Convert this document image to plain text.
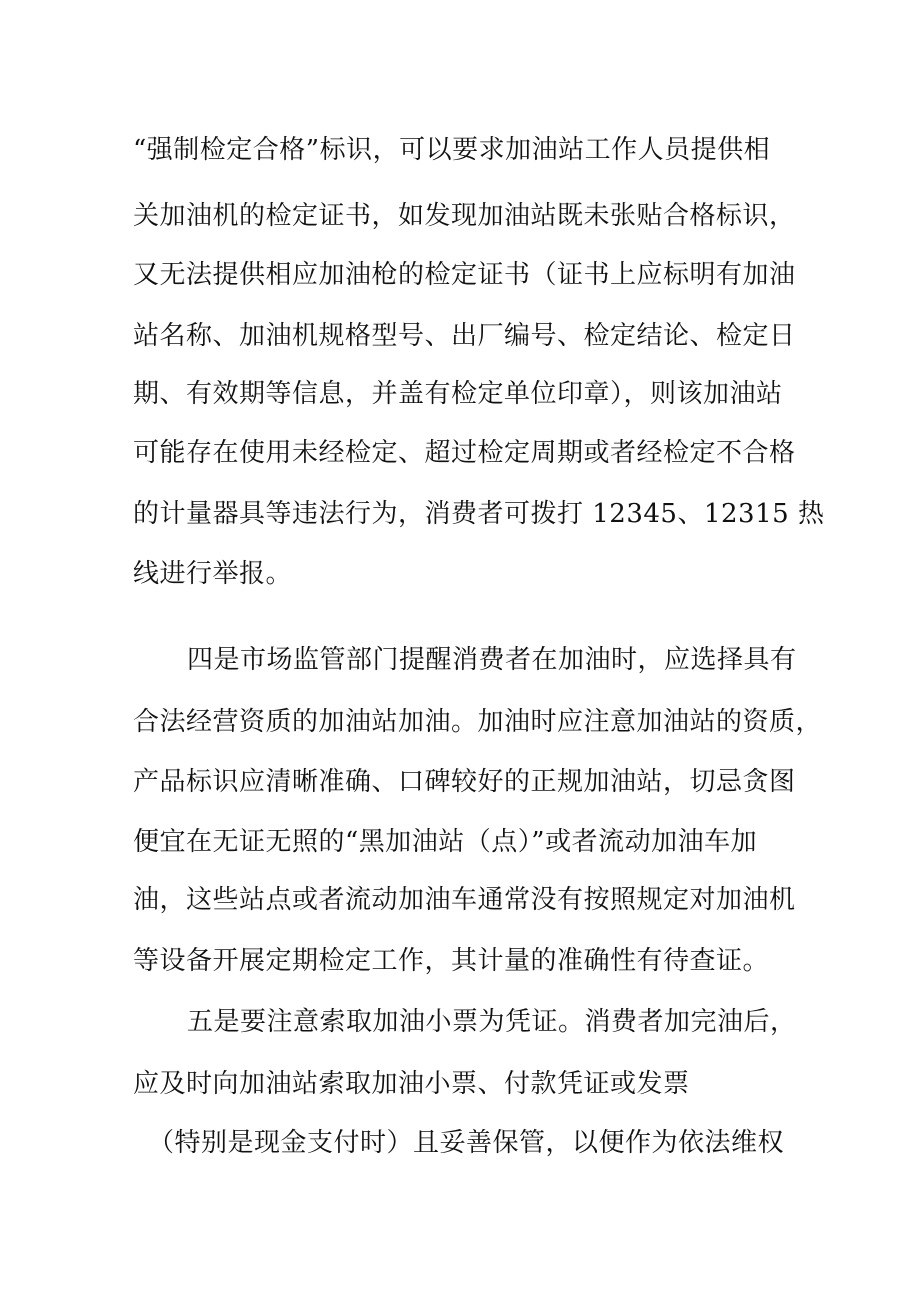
“强制检定合格”标识，可以要求加油站工作人员提供相
关加油机的检定证书，如发现加油站既未张贴合格标识，
又无法提供相应加油枪的检定证书（证书上应标明有加油
站名称、加油机规格型号、出厂编号、检定结论、检定日
期、有效期等信息，并盖有检定单位印章），则该加油站
可能存在使用未经检定、超过检定周期或者经检定不合格
的计量器具等违法行为，消费者可拨打 12345、12315 热
线进行举报。
四是市场监管部门提醒消费者在加油时，应选择具有
合法经营资质的加油站加油。加油时应注意加油站的资质，
产品标识应清晰准确、口碑较好的正规加油站，切忌贪图
便宜在无证无照的“黑加油站（点）”或者流动加油车加
油，这些站点或者流动加油车通常没有按照规定对加油机
等设备开展定期检定工作，其计量的准确性有待查证。
五是要注意索取加油小票为凭证。消费者加完油后，
应及时向加油站索取加油小票、付款凭证或发票
（特别是现金支付时）且妥善保管，以便作为依法维权
